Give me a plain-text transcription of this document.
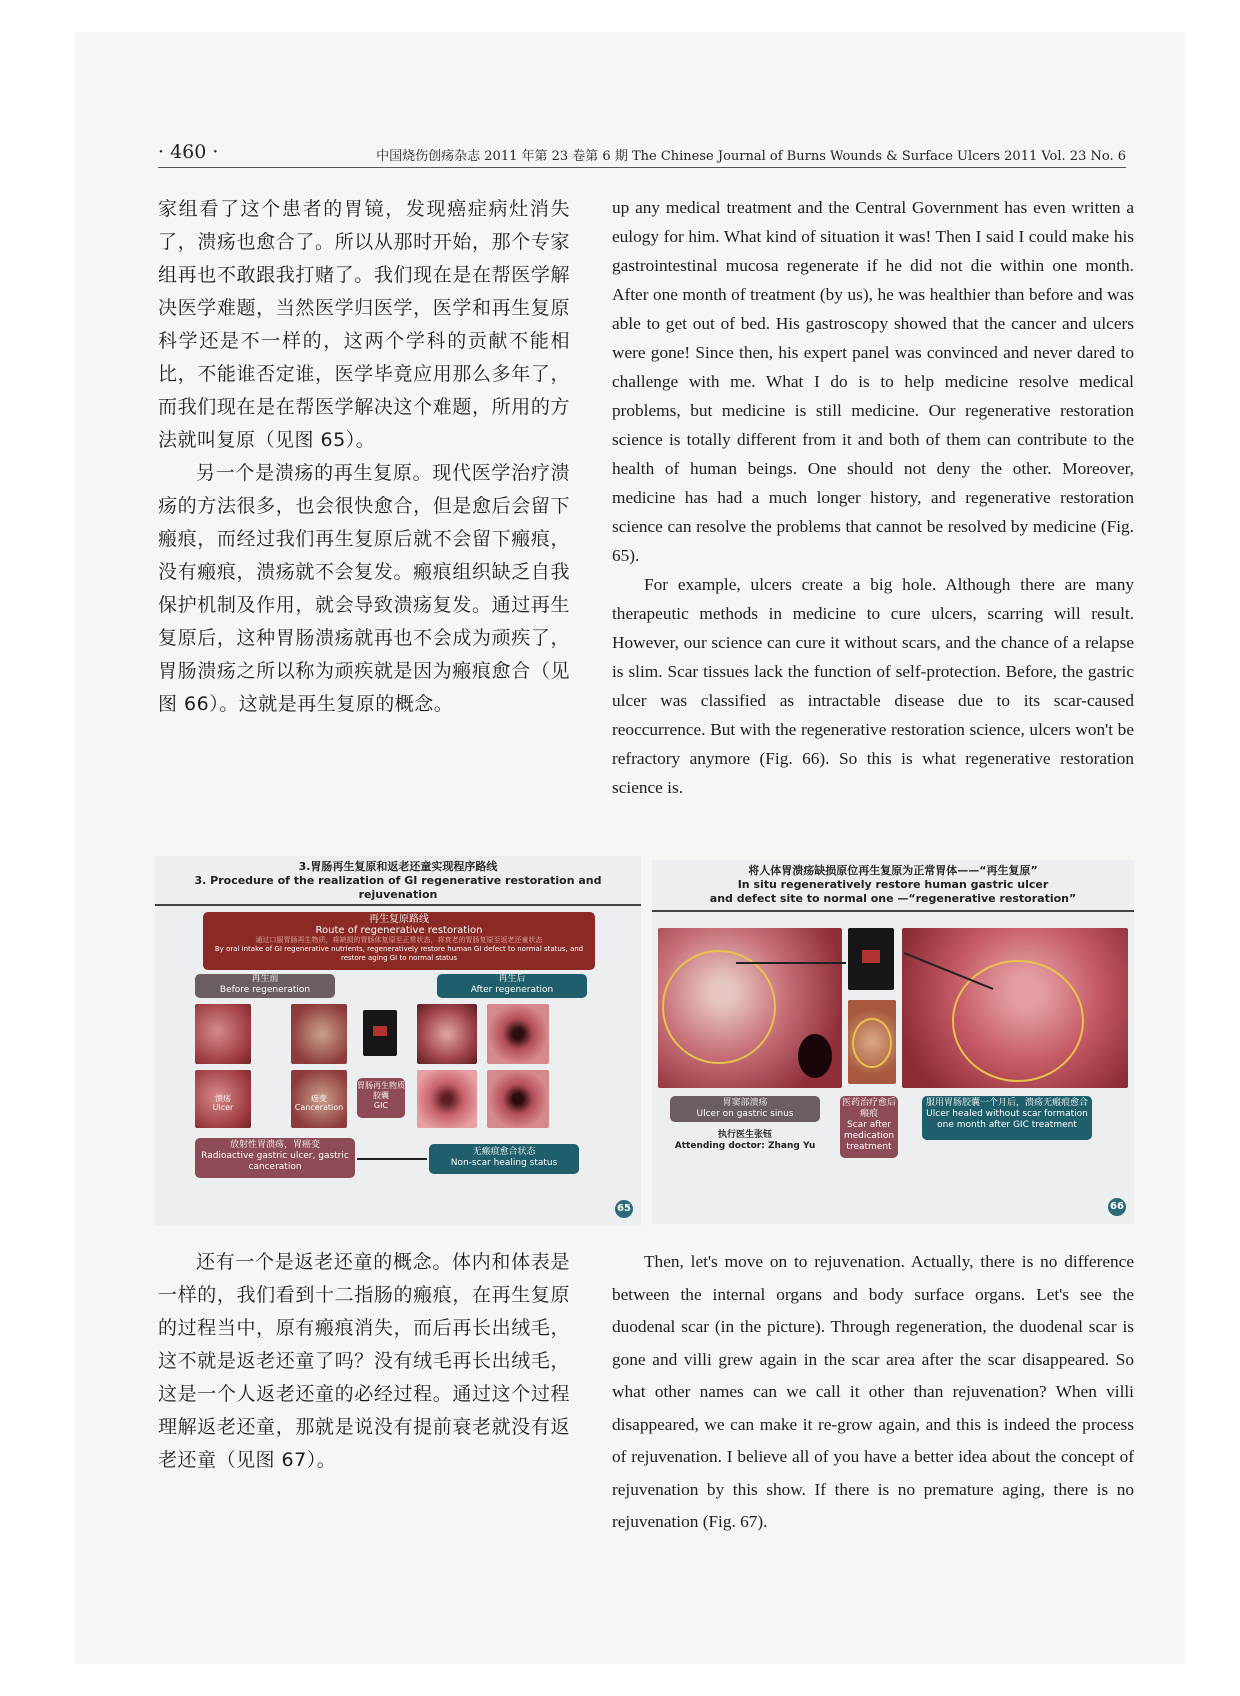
· 460 ·	中国烧伤创疡杂志 2011 年第 23 卷第 6 期 The Chinese Journal of Burns Wounds & Surface Ulcers 2011 Vol. 23 No. 6

家组看了这个患者的胃镜，发现癌症病灶消失了，溃疡也愈合了。所以从那时开始，那个专家组再也不敢跟我打赌了。我们现在是在帮医学解决医学难题，当然医学归医学，医学和再生复原科学还是不一样的，这两个学科的贡献不能相比，不能谁否定谁，医学毕竟应用那么多年了，而我们现在是在帮医学解决这个难题，所用的方法就叫复原（见图 65）。

另一个是溃疡的再生复原。现代医学治疗溃疡的方法很多，也会很快愈合，但是愈后会留下瘢痕，而经过我们再生复原后就不会留下瘢痕，没有瘢痕，溃疡就不会复发。瘢痕组织缺乏自我保护机制及作用，就会导致溃疡复发。通过再生复原后，这种胃肠溃疡就再也不会成为顽疾了，胃肠溃疡之所以称为顽疾就是因为瘢痕愈合（见图 66）。这就是再生复原的概念。

up any medical treatment and the Central Government has even written a eulogy for him. What kind of situation it was! Then I said I could make his gastrointestinal mucosa regenerate if he did not die within one month. After one month of treatment (by us), he was healthier than before and was able to get out of bed. His gastroscopy showed that the cancer and ulcers were gone! Since then, his expert panel was convinced and never dared to challenge with me. What I do is to help medicine resolve medical problems, but medicine is still medicine. Our regenerative restoration science is totally different from it and both of them can contribute to the health of human beings. One should not deny the other. Moreover, medicine has had a much longer history, and regenerative restoration science can resolve the problems that cannot be resolved by medicine (Fig. 65).

For example, ulcers create a big hole. Although there are many therapeutic methods in medicine to cure ulcers, scarring will result. However, our science can cure it without scars, and the chance of a relapse is slim. Scar tissues lack the function of self-protection. Before, the gastric ulcer was classified as intractable disease due to its scar-caused reoccurrence. But with the regenerative restoration science, ulcers won't be refractory anymore (Fig. 66). So this is what regenerative restoration science is.

3.胃肠再生复原和返老还童实现程序路线
3. Procedure of the realization of GI regenerative restoration and rejuvenation
再生复原路线
Route of regenerative restoration
通过口服胃肠再生物质，将缺损的胃肠体复原至正常状态，将衰老的胃肠复原至返老还童状态
By oral intake of GI regenerative nutrients, regeneratively restore human GI defect to normal status, and restore aging GI to normal status
再生前
Before regeneration
再生后
After regeneration
溃疡
Ulcer
癌变
Canceration
胃肠再生物质胶囊
GIC
放射性胃溃疡，胃癌变
Radioactive gastric ulcer, gastric canceration
无瘢痕愈合状态
Non-scar healing status
65
将人体胃溃疡缺损原位再生复原为正常胃体——“再生复原”
In situ regeneratively restore human gastric ulcer
and defect site to normal one —“regenerative restoration”
胃窦部溃疡
Ulcer on gastric sinus
执行医生张钰
Attending doctor: Zhang Yu
医药治疗愈后瘢痕
Scar after medication treatment
服用胃肠胶囊一个月后，溃疡无瘢痕愈合
Ulcer healed without scar formation one month after GIC treatment
66

还有一个是返老还童的概念。体内和体表是一样的，我们看到十二指肠的瘢痕，在再生复原的过程当中，原有瘢痕消失，而后再长出绒毛，这不就是返老还童了吗？没有绒毛再长出绒毛，这是一个人返老还童的必经过程。通过这个过程理解返老还童，那就是说没有提前衰老就没有返老还童（见图 67）。

Then, let's move on to rejuvenation. Actually, there is no difference between the internal organs and body surface organs. Let's see the duodenal scar (in the picture). Through regeneration, the duodenal scar is gone and villi grew again in the scar area after the scar disappeared. So what other names can we call it other than rejuvenation? When villi disappeared, we can make it re-grow again, and this is indeed the process of rejuvenation. I believe all of you have a better idea about the concept of rejuvenation by this show. If there is no premature aging, there is no rejuvenation (Fig. 67).
